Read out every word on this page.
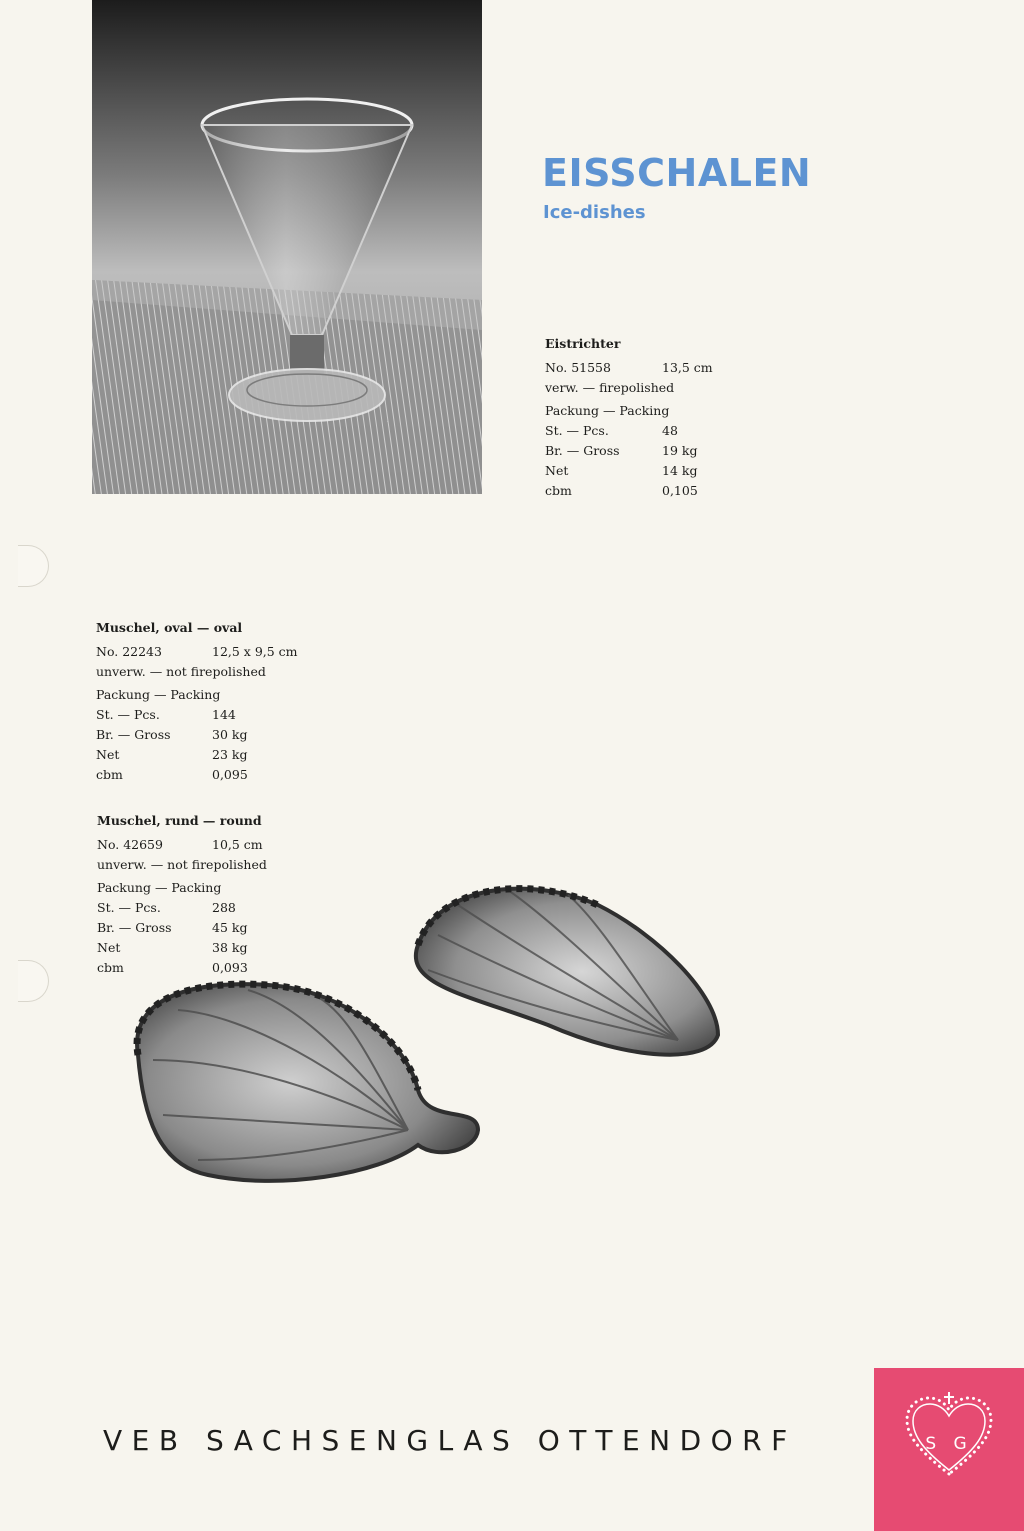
EISSCHALEN
Ice-dishes
Eistrichter
No. 51558	13,5 cm
verw. — firepolished
Packung — Packing
St. — Pcs.	48
Br. — Gross	19 kg
Net	14 kg
cbm	0,105
Muschel, oval — oval
No. 22243	12,5 x 9,5 cm
unverw. — not firepolished
Packung — Packing
St. — Pcs.	144
Br. — Gross	30 kg
Net	23 kg
cbm	0,095
Muschel, rund — round
No. 42659	10,5 cm
unverw. — not firepolished
Packung — Packing
St. — Pcs.	288
Br. — Gross	45 kg
Net	38 kg
cbm	0,093
VEB SACHSENGLAS OTTENDORF	S G
